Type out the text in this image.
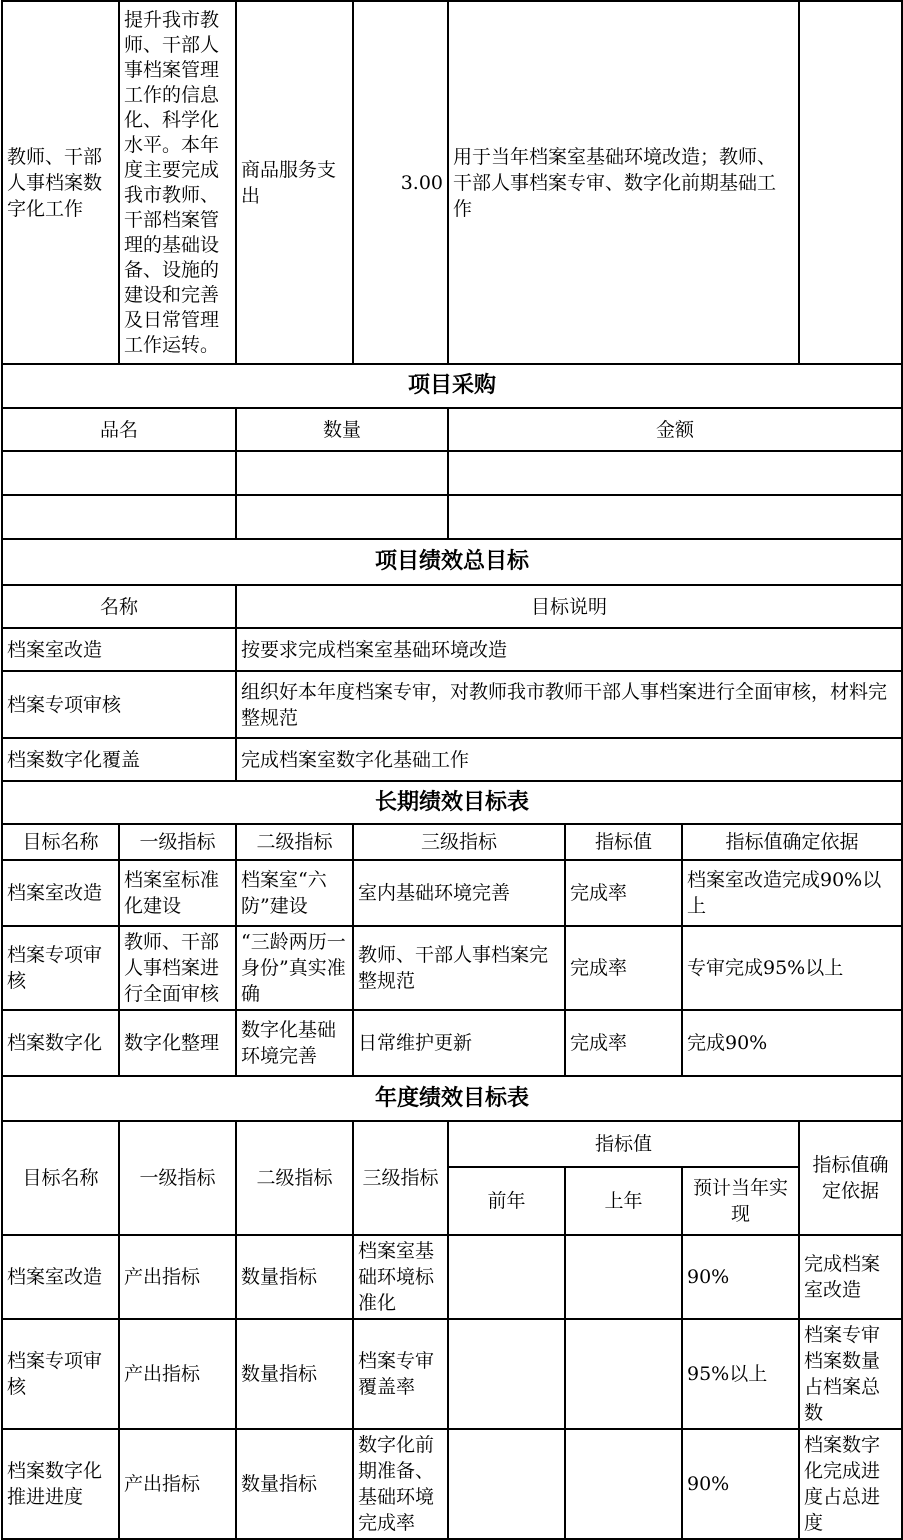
教师、干部人事档案数字化工作	提升我市教师、干部人事档案管理工作的信息化、科学化水平。本年度主要完成我市教师、干部档案管理的基础设备、设施的建设和完善及日常管理工作运转。	商品服务支出	3.00	用于当年档案室基础环境改造；教师、干部人事档案专审、数字化前期基础工作			
项目采购							
品名		数量		金额			

项目绩效总目标							
名称		目标说明					
档案室改造		按要求完成档案室基础环境改造					
档案专项审核		组织好本年度档案专审，对教师我市教师干部人事档案进行全面审核，材料完整规范					
档案数字化覆盖		完成档案室数字化基础工作					
长期绩效目标表							
目标名称	一级指标	二级指标	三级指标		指标值	指标值确定依据	
档案室改造	档案室标准化建设	档案室“六防”建设	室内基础环境完善		完成率	档案室改造完成90%以上	
档案专项审核	教师、干部人事档案进行全面审核	“三龄两历一身份”真实准确	教师、干部人事档案完整规范		完成率	专审完成95%以上	
档案数字化	数字化整理	数字化基础环境完善	日常维护更新		完成率	完成90%	
年度绩效目标表							
目标名称	一级指标	二级指标	三级指标	指标值			指标值确定依据
				前年	上年	预计当年实现	
档案室改造	产出指标	数量指标	档案室基础环境标准化			90%	完成档案室改造
档案专项审核	产出指标	数量指标	档案专审覆盖率			95%以上	档案专审档案数量占档案总数
档案数字化推进进度	产出指标	数量指标	数字化前期准备、基础环境完成率			90%	档案数字化完成进度占总进度
